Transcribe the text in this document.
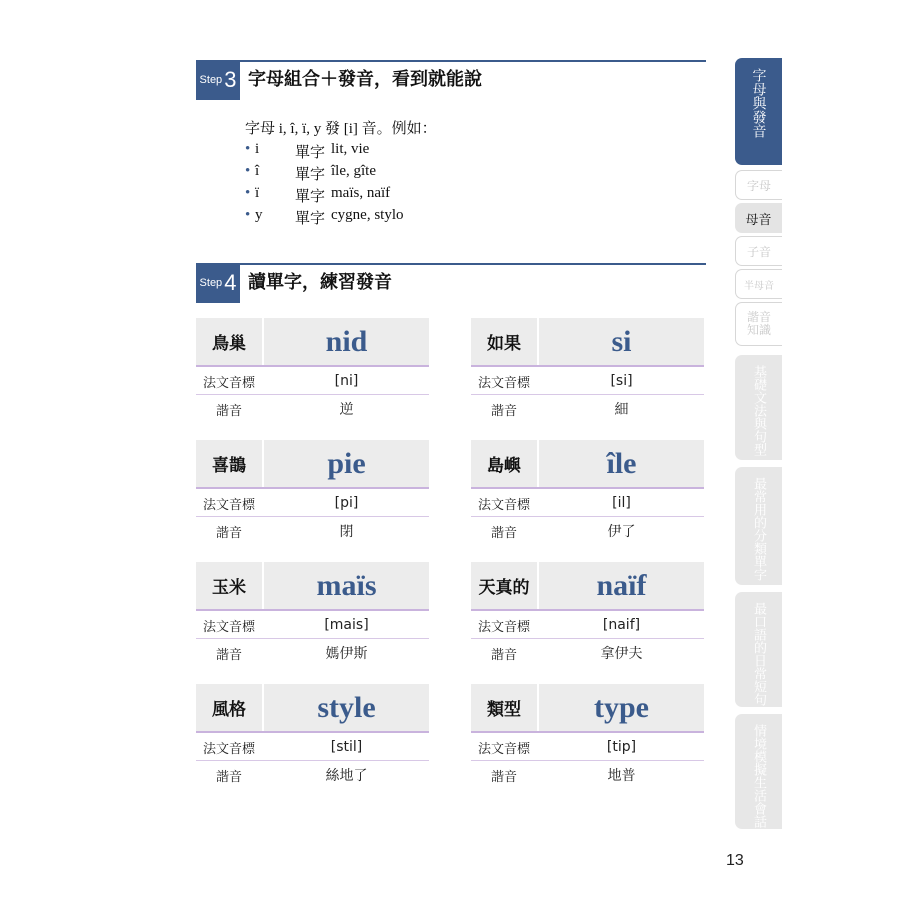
Step 3 字母組合＋發音，看到就能說
字母 i, î, ï, y 發 [i] 音。例如：
• i 單字 lit, vie
• î 單字 île, gîte
• ï 單字 maïs, naïf
• y 單字 cygne, stylo
Step 4 讀單字，練習發音
鳥巢	nid
法文音標	[ni]
諧音	逆
如果	si
法文音標	[si]
諧音	細
喜鵲	pie
法文音標	[pi]
諧音	閉
島嶼	île
法文音標	[il]
諧音	伊了
玉米	maïs
法文音標	[mais]
諧音	媽伊斯
天真的	naïf
法文音標	[naif]
諧音	拿伊夫
風格	style
法文音標	[stil]
諧音	絲地了
類型	type
法文音標	[tip]
諧音	地普
字母與發音
字母
母音
子音
半母音
諧音知識
基礎文法與句型
最常用的分類單字
最口語的日常短句
情境模擬生活會話
13
